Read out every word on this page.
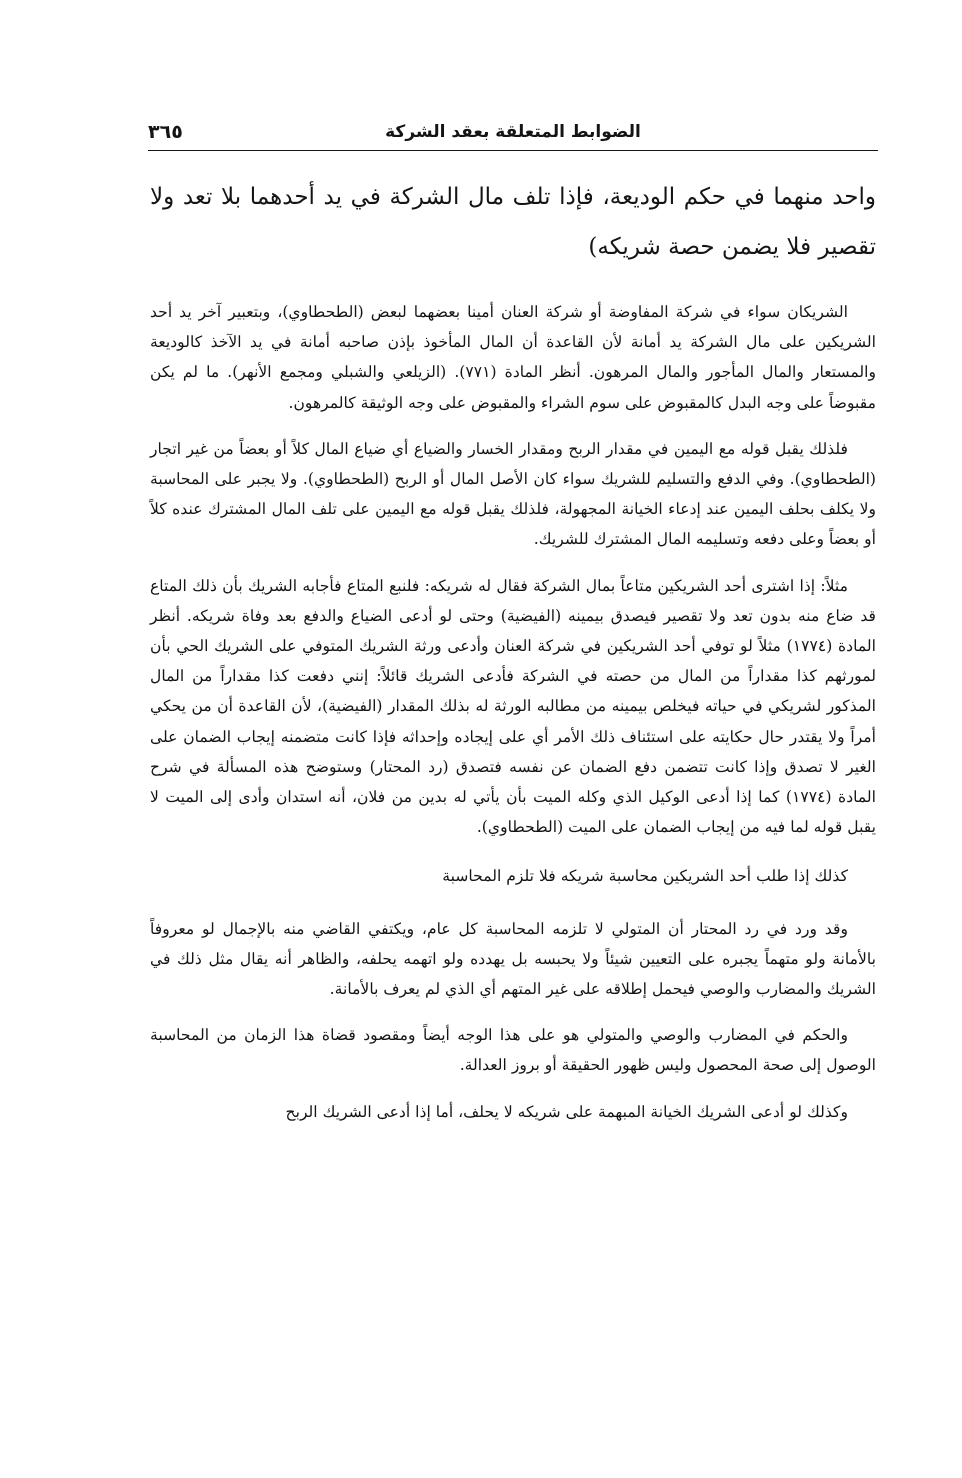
الضوابط المتعلقة بعقد الشركة
٣٦٥

واحد منهما في حكم الوديعة، فإذا تلف مال الشركة في يد أحدهما بلا تعد ولا تقصير فلا يضمن حصة شريكه)

الشريكان سواء في شركة المفاوضة أو شركة العنان أمينا بعضهما لبعض (الطحطاوي)، وبتعبير آخر يد أحد الشريكين على مال الشركة يد أمانة لأن القاعدة أن المال المأخوذ بإذن صاحبه أمانة في يد الآخذ كالوديعة والمستعار والمال المأجور والمال المرهون. أنظر المادة (٧٧١). (الزيلعي والشبلي ومجمع الأنهر). ما لم يكن مقبوضاً على وجه البدل كالمقبوض على سوم الشراء والمقبوض على وجه الوثيقة كالمرهون.

فلذلك يقبل قوله مع اليمين في مقدار الربح ومقدار الخسار والضياع أي ضياع المال كلاً أو بعضاً من غير اتجار (الطحطاوي). وفي الدفع والتسليم للشريك سواء كان الأصل المال أو الربح (الطحطاوي). ولا يجبر على المحاسبة ولا يكلف بحلف اليمين عند إدعاء الخيانة المجهولة، فلذلك يقبل قوله مع اليمين على تلف المال المشترك عنده كلاً أو بعضاً وعلى دفعه وتسليمه المال المشترك للشريك.

مثلاً: إذا اشترى أحد الشريكين متاعاً بمال الشركة فقال له شريكه: فلنبع المتاع فأجابه الشريك بأن ذلك المتاع قد ضاع منه بدون تعد ولا تقصير فيصدق بيمينه (الفيضية) وحتى لو أدعى الضياع والدفع بعد وفاة شريكه. أنظر المادة (١٧٧٤) مثلاً لو توفي أحد الشريكين في شركة العنان وأدعى ورثة الشريك المتوفي على الشريك الحي بأن لمورثهم كذا مقداراً من المال من حصته في الشركة فأدعى الشريك قائلاً: إنني دفعت كذا مقداراً من المال المذكور لشريكي في حياته فيخلص بيمينه من مطالبه الورثة له بذلك المقدار (الفيضية)، لأن القاعدة أن من يحكي أمراً ولا يقتدر حال حكايته على استئناف ذلك الأمر أي على إيجاده وإحداثه فإذا كانت متضمنه إيجاب الضمان على الغير لا تصدق وإذا كانت تتضمن دفع الضمان عن نفسه فتصدق (رد المحتار) وستوضح هذه المسألة في شرح المادة (١٧٧٤) كما إذا أدعى الوكيل الذي وكله الميت بأن يأتي له بدين من فلان، أنه استدان وأدى إلى الميت لا يقبل قوله لما فيه من إيجاب الضمان على الميت (الطحطاوي).

كذلك إذا طلب أحد الشريكين محاسبة شريكه فلا تلزم المحاسبة

وقد ورد في رد المحتار أن المتولي لا تلزمه المحاسبة كل عام، ويكتفي القاضي منه بالإجمال لو معروفاً بالأمانة ولو متهماً يجبره على التعيين شيئاً ولا يحبسه بل يهدده ولو اتهمه يحلفه، والظاهر أنه يقال مثل ذلك في الشريك والمضارب والوصي فيحمل إطلاقه على غير المتهم أي الذي لم يعرف بالأمانة.

والحكم في المضارب والوصي والمتولي هو على هذا الوجه أيضاً ومقصود قضاة هذا الزمان من المحاسبة الوصول إلى صحة المحصول وليس ظهور الحقيقة أو بروز العدالة.

وكذلك لو أدعى الشريك الخيانة المبهمة على شريكه لا يحلف، أما إذا أدعى الشريك الربح
